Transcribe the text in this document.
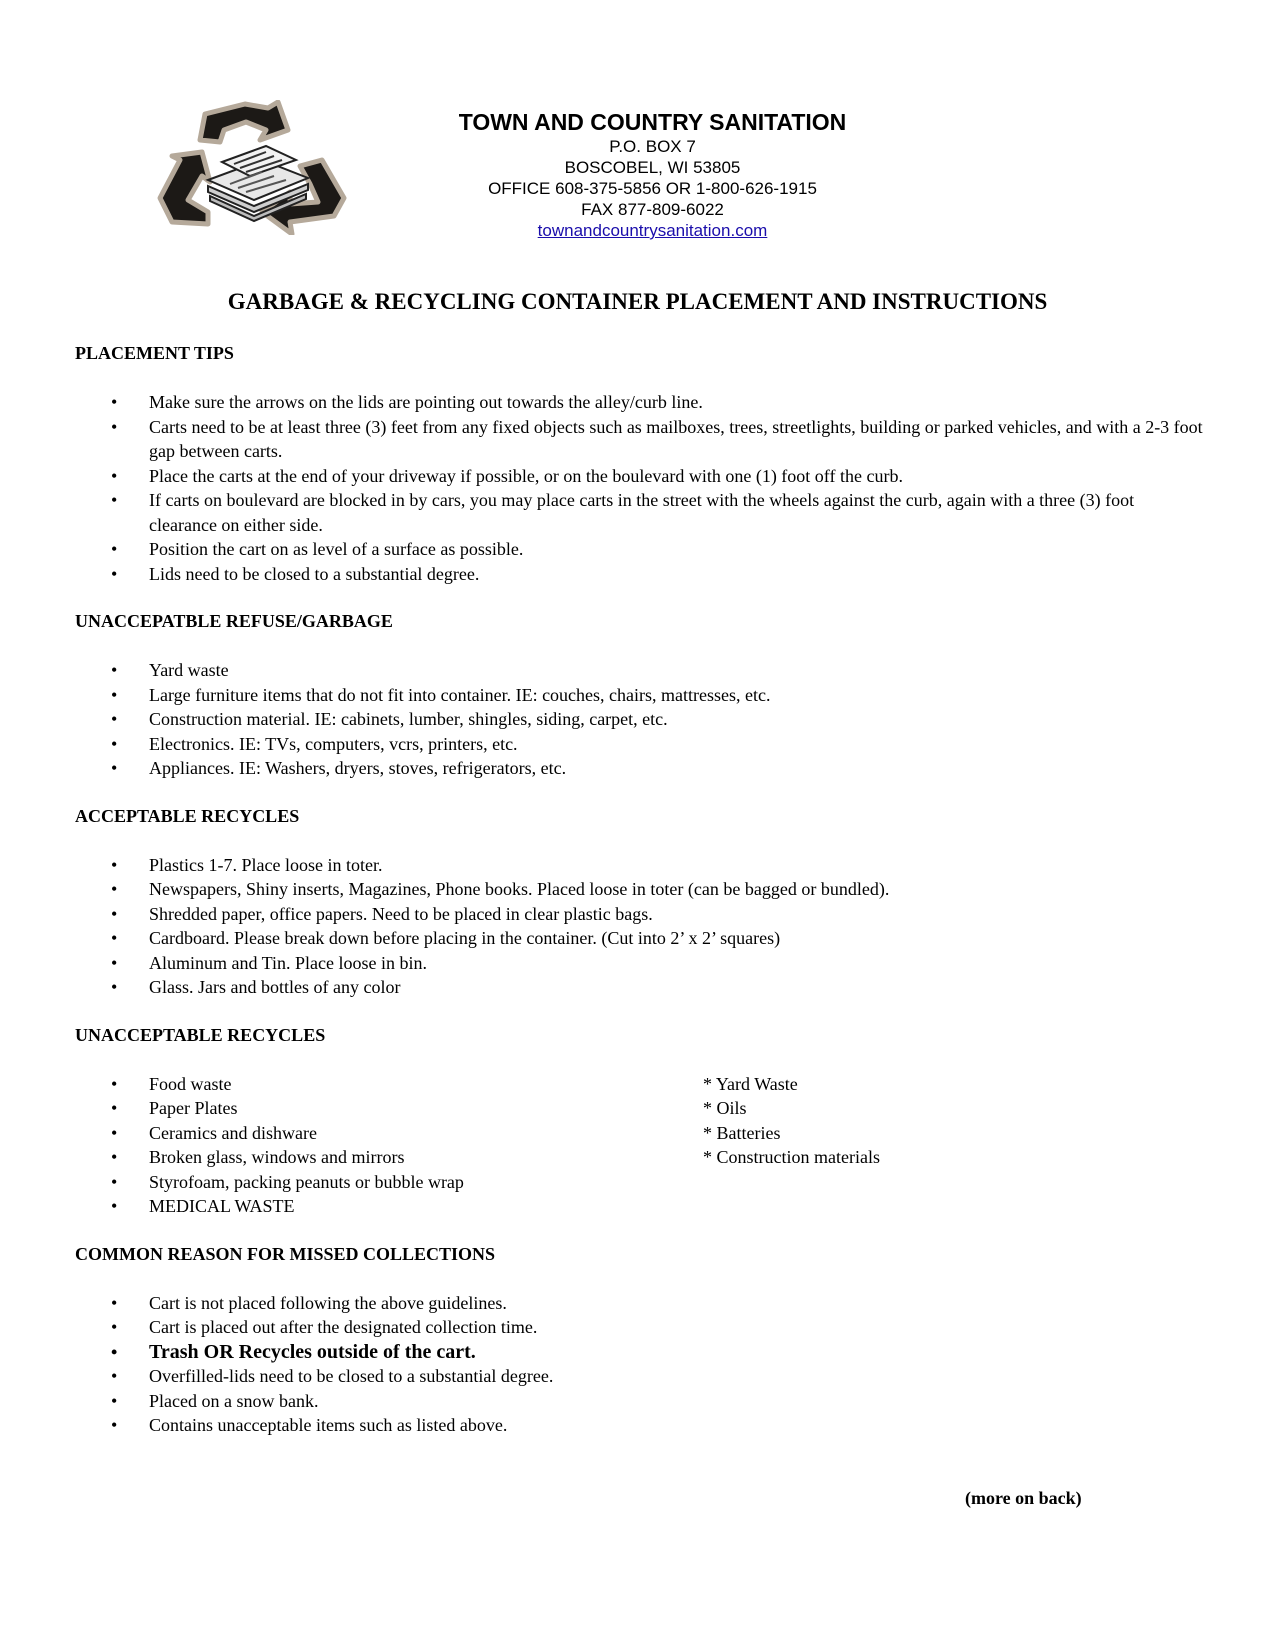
TOWN AND COUNTRY SANITATION
P.O. BOX 7
BOSCOBEL, WI 53805
OFFICE 608-375-5856 OR 1-800-626-1915
FAX 877-809-6022
townandcountrysanitation.com
GARBAGE & RECYCLING CONTAINER PLACEMENT AND INSTRUCTIONS
PLACEMENT TIPS
• Make sure the arrows on the lids are pointing out towards the alley/curb line.
• Carts need to be at least three (3) feet from any fixed objects such as mailboxes, trees, streetlights, building or parked vehicles, and with a 2-3 foot gap between carts.
• Place the carts at the end of your driveway if possible, or on the boulevard with one (1) foot off the curb.
• If carts on boulevard are blocked in by cars, you may place carts in the street with the wheels against the curb, again with a three (3) foot clearance on either side.
• Position the cart on as level of a surface as possible.
• Lids need to be closed to a substantial degree.
UNACCEPATBLE REFUSE/GARBAGE
• Yard waste
• Large furniture items that do not fit into container. IE: couches, chairs, mattresses, etc.
• Construction material. IE: cabinets, lumber, shingles, siding, carpet, etc.
• Electronics. IE: TVs, computers, vcrs, printers, etc.
• Appliances. IE: Washers, dryers, stoves, refrigerators, etc.
ACCEPTABLE RECYCLES
• Plastics 1-7. Place loose in toter.
• Newspapers, Shiny inserts, Magazines, Phone books. Placed loose in toter (can be bagged or bundled).
• Shredded paper, office papers. Need to be placed in clear plastic bags.
• Cardboard. Please break down before placing in the container. (Cut into 2’ x 2’ squares)
• Aluminum and Tin. Place loose in bin.
• Glass. Jars and bottles of any color
UNACCEPTABLE RECYCLES
• Food waste
• Paper Plates
• Ceramics and dishware
• Broken glass, windows and mirrors
• Styrofoam, packing peanuts or bubble wrap
• MEDICAL WASTE
* Yard Waste
* Oils
* Batteries
* Construction materials
COMMON REASON FOR MISSED COLLECTIONS
• Cart is not placed following the above guidelines.
• Cart is placed out after the designated collection time.
• Trash OR Recycles outside of the cart.
• Overfilled-lids need to be closed to a substantial degree.
• Placed on a snow bank.
• Contains unacceptable items such as listed above.
(more on back)
